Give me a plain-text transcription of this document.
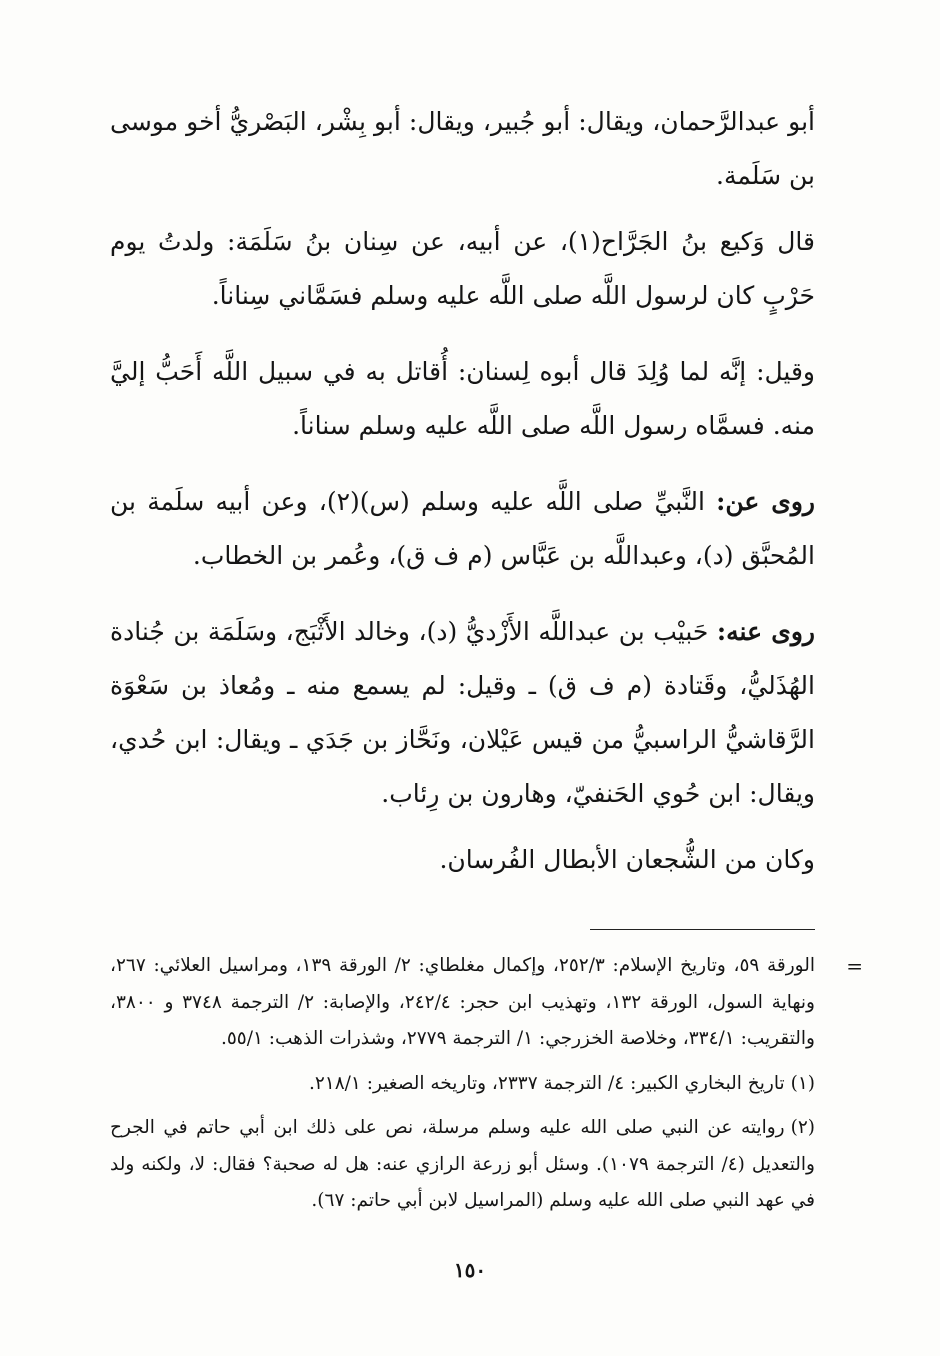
أبو عبدالرَّحمان، ويقال: أبو جُبير، ويقال: أبو بِشْر، البَصْريُّ أخو موسى بن سَلَمة.

قال وَكيع بنُ الجَرَّاح(١)، عن أبيه، عن سِنان بنُ سَلَمَة: ولدتُ يوم حَرْبٍ كان لرسول اللَّه صلى اللَّه عليه وسلم فسَمَّاني سِناناً.

وقيل: إنَّه لما وُلِدَ قال أبوه لِسنان: أُقاتل به في سبيل اللَّه أَحَبُّ إليَّ منه. فسمَّاه رسول اللَّه صلى اللَّه عليه وسلم سناناً.

روى عن: النَّبيِّ صلى اللَّه عليه وسلم (س)(٢)، وعن أبيه سلَمة بن المُحبَّق (د)، وعبداللَّه بن عَبَّاس (م ف ق)، وعُمر بن الخطاب.

روى عنه: حَبيْب بن عبداللَّه الأَزْديُّ (د)، وخالد الأَثْبَج، وسَلَمَة بن جُنادة الهُذَليُّ، وقَتادة (م ف ق) ـ وقيل: لم يسمع منه ـ ومُعاذ بن سَعْوَة الرَّقاشيُّ الراسبيُّ من قيس عَيْلان، ونَحَّاز بن جَدَي ـ ويقال: ابن حُدي، ويقال: ابن حُوي الحَنفيّ، وهارون بن رِئاب.

وكان من الشُّجعان الأبطال الفُرسان.

=
الورقة ٥٩، وتاريخ الإسلام: ٢٥٢/٣، وإكمال مغلطاي: ٢/ الورقة ١٣٩، ومراسيل العلائي: ٢٦٧، ونهاية السول، الورقة ١٣٢، وتهذيب ابن حجر: ٢٤٢/٤، والإصابة: ٢/ الترجمة ٣٧٤٨ و ٣٨٠٠، والتقريب: ٣٣٤/١، وخلاصة الخزرجي: ١/ الترجمة ٢٧٧٩، وشذرات الذهب: ٥٥/١.
(١)تاريخ البخاري الكبير: ٤/ الترجمة ٢٣٣٧، وتاريخه الصغير: ٢١٨/١.
(٢)روايته عن النبي صلى الله عليه وسلم مرسلة، نص على ذلك ابن أبي حاتم في الجرح والتعديل (٤/ الترجمة ١٠٧٩). وسئل أبو زرعة الرازي عنه: هل له صحبة؟ فقال: لا، ولكنه ولد في عهد النبي صلى الله عليه وسلم (المراسيل لابن أبي حاتم: ٦٧).
١٥٠
